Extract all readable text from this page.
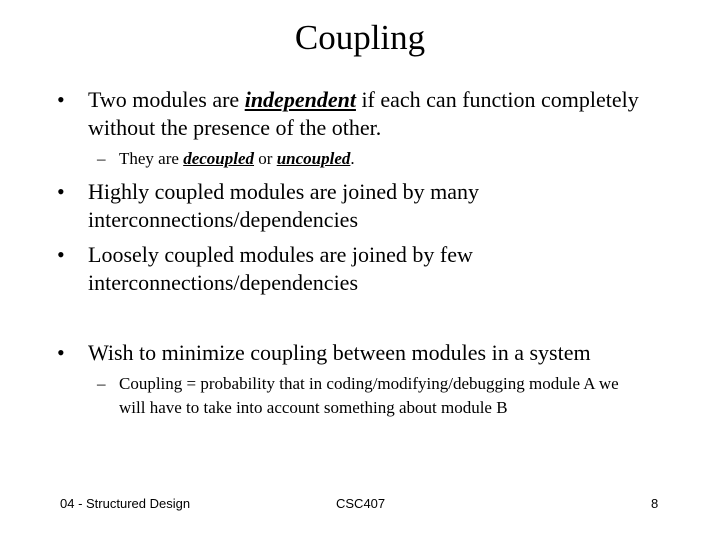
Coupling
• Two modules are independent if each can function completely without the presence of the other.
– They are decoupled or uncoupled.
• Highly coupled modules are joined by many interconnections/dependencies
• Loosely coupled modules are joined by few interconnections/dependencies
• Wish to minimize coupling between modules in a system
– Coupling = probability that in coding/modifying/debugging module A we will have to take into account something about module B
04 - Structured Design	CSC407	8
